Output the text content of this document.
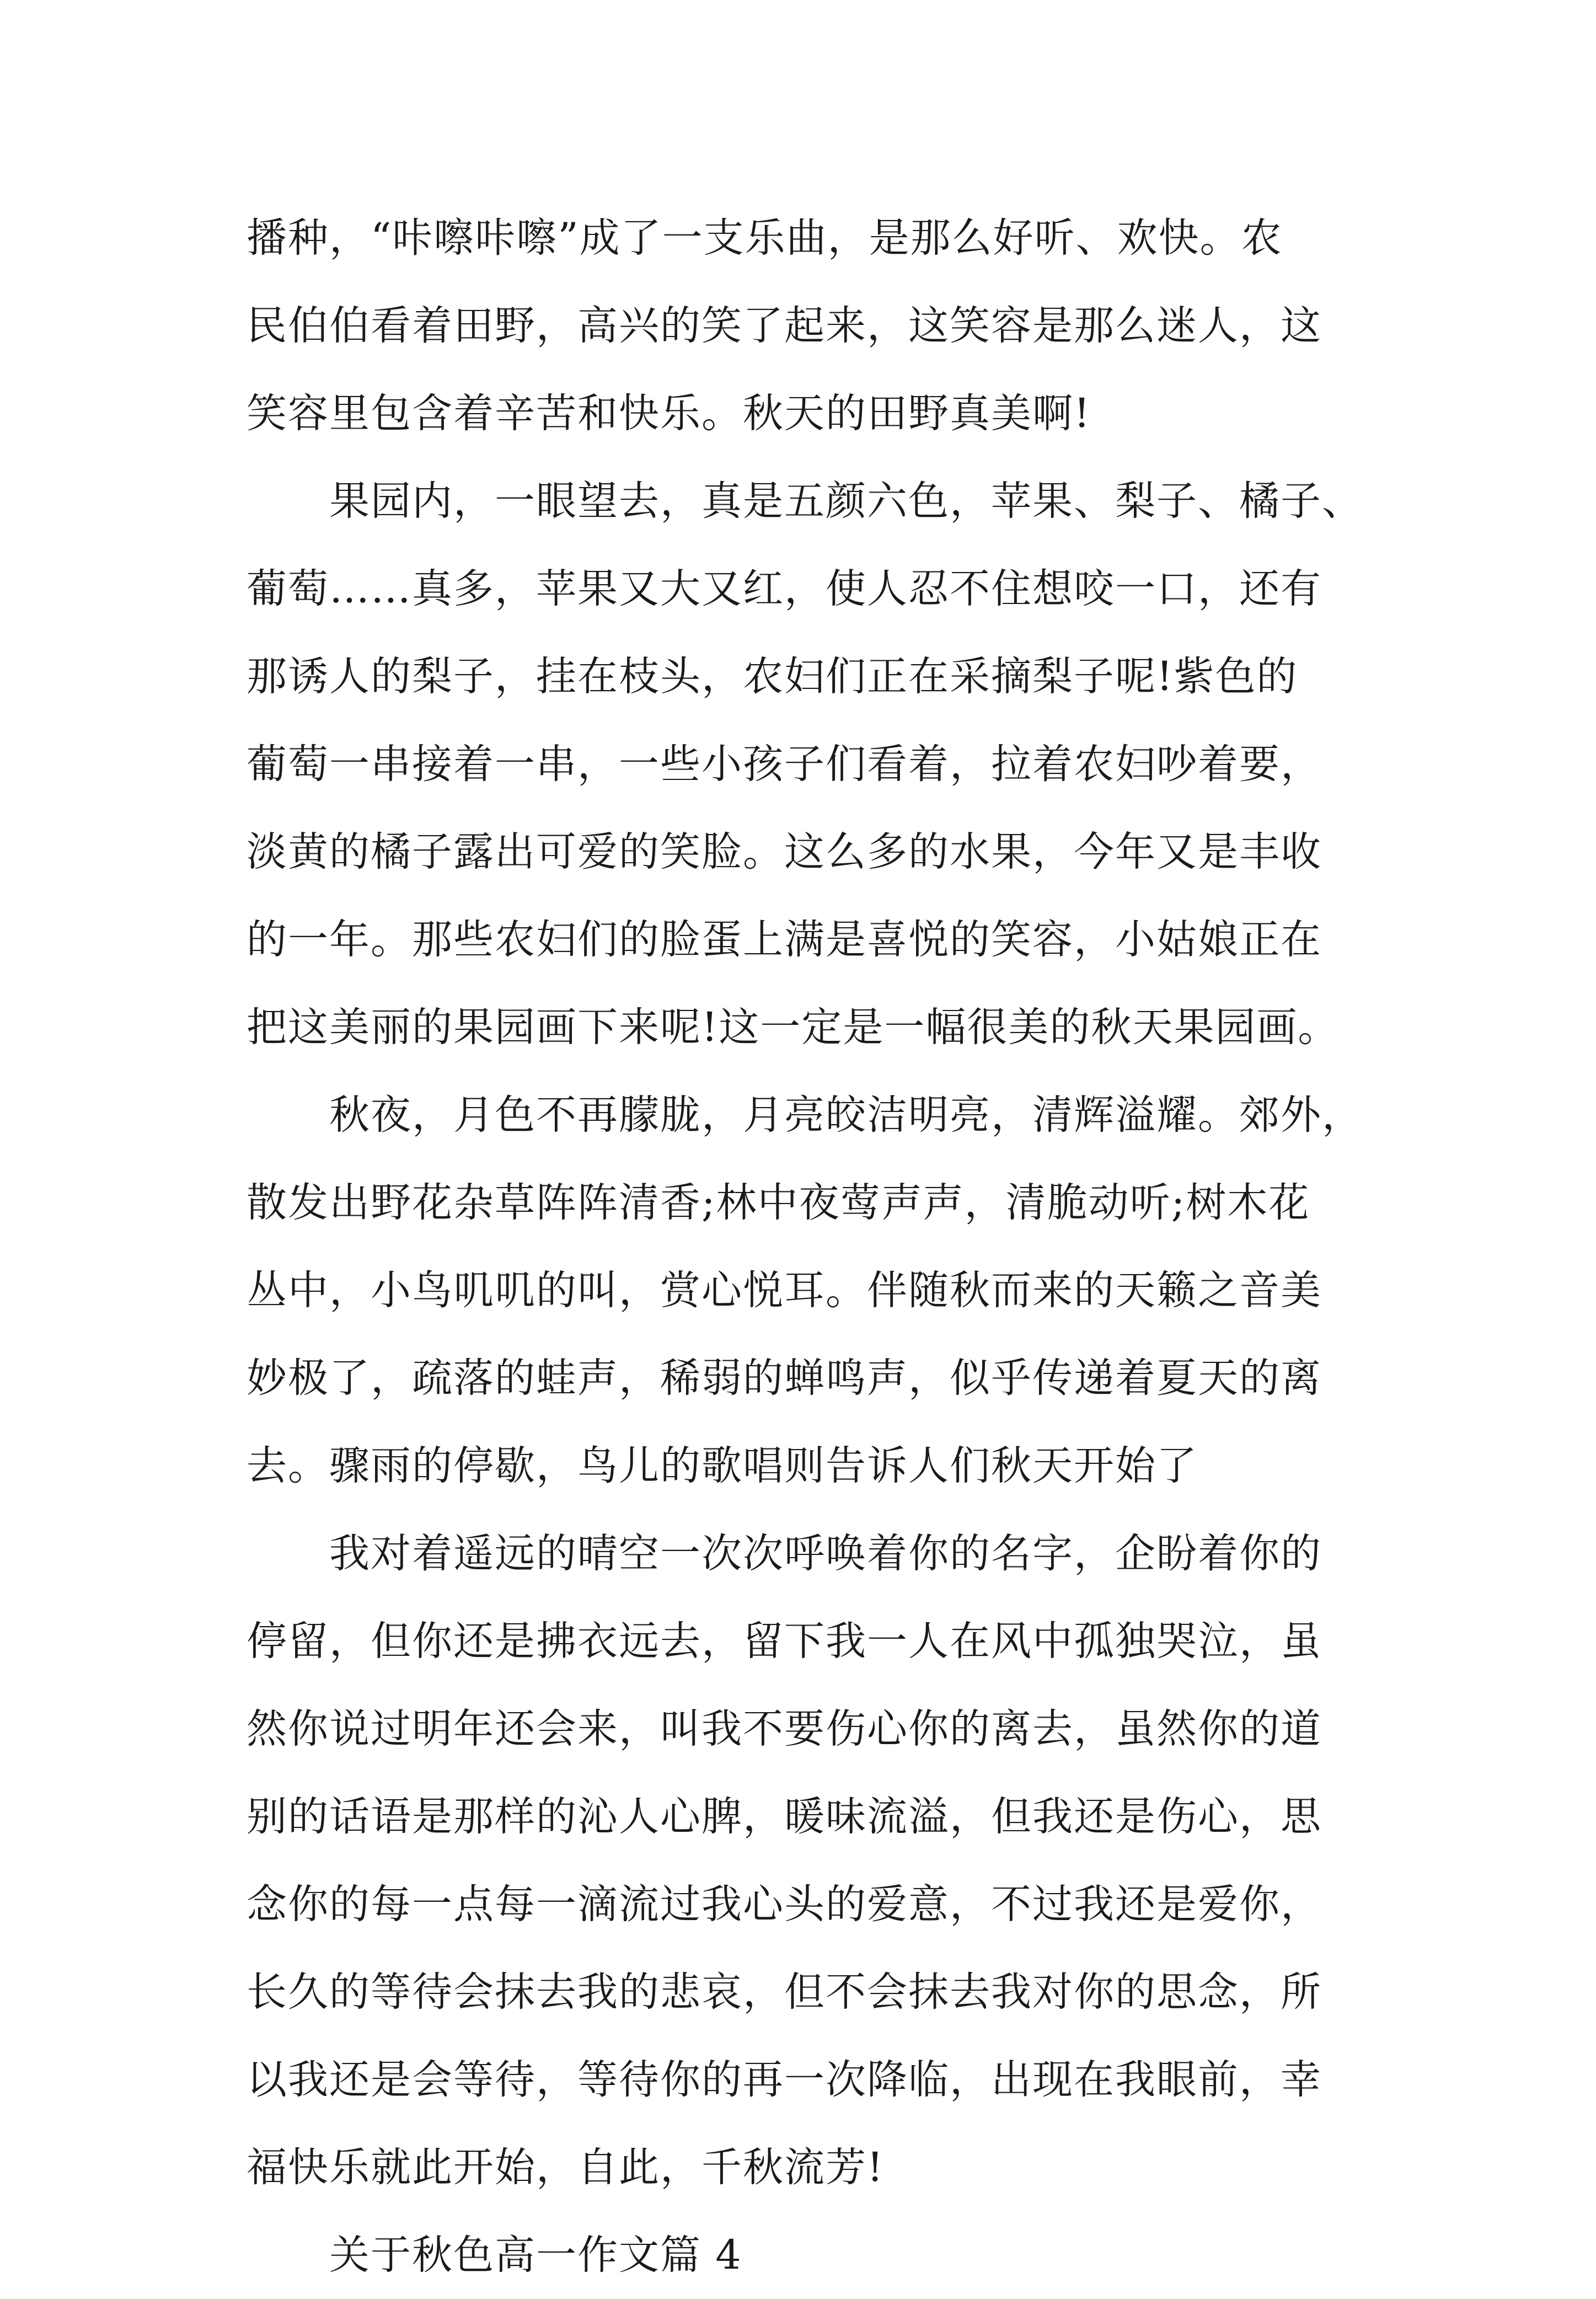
播种，“咔嚓咔嚓”成了一支乐曲，是那么好听、欢快。农
民伯伯看着田野，高兴的笑了起来，这笑容是那么迷人，这
笑容里包含着辛苦和快乐。秋天的田野真美啊!
果园内，一眼望去，真是五颜六色，苹果、梨子、橘子、
葡萄……真多，苹果又大又红，使人忍不住想咬一口，还有
那诱人的梨子，挂在枝头，农妇们正在采摘梨子呢!紫色的
葡萄一串接着一串，一些小孩子们看着，拉着农妇吵着要，
淡黄的橘子露出可爱的笑脸。这么多的水果，今年又是丰收
的一年。那些农妇们的脸蛋上满是喜悦的笑容，小姑娘正在
把这美丽的果园画下来呢!这一定是一幅很美的秋天果园画。
秋夜，月色不再朦胧，月亮皎洁明亮，清辉溢耀。郊外，
散发出野花杂草阵阵清香;林中夜莺声声，清脆动听;树木花
丛中，小鸟叽叽的叫，赏心悦耳。伴随秋而来的天籁之音美
妙极了，疏落的蛙声，稀弱的蝉鸣声，似乎传递着夏天的离
去。骤雨的停歇，鸟儿的歌唱则告诉人们秋天开始了
我对着遥远的晴空一次次呼唤着你的名字，企盼着你的
停留，但你还是拂衣远去，留下我一人在风中孤独哭泣，虽
然你说过明年还会来，叫我不要伤心你的离去，虽然你的道
别的话语是那样的沁人心脾，暖味流溢，但我还是伤心，思
念你的每一点每一滴流过我心头的爱意，不过我还是爱你，
长久的等待会抹去我的悲哀，但不会抹去我对你的思念，所
以我还是会等待，等待你的再一次降临，出现在我眼前，幸
福快乐就此开始，自此，千秋流芳!

关于秋色高一作文篇 4
